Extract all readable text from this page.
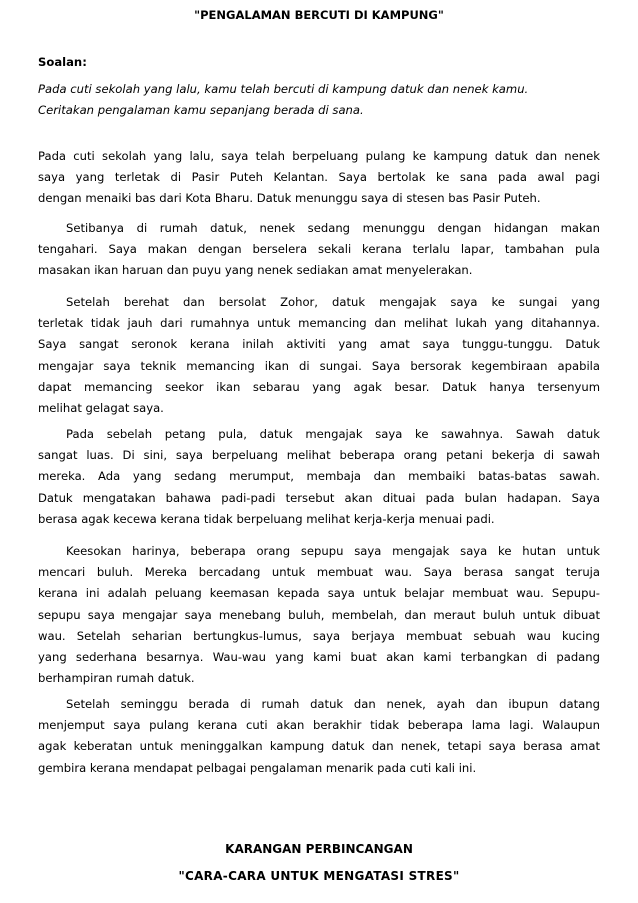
"PENGALAMAN BERCUTI DI KAMPUNG"
Soalan:
Pada cuti sekolah yang lalu, kamu telah bercuti di kampung datuk dan nenek kamu.
Ceritakan pengalaman kamu sepanjang berada di sana.
Pada cuti sekolah yang lalu, saya telah berpeluang pulang ke kampung datuk dan nenek
saya yang terletak di Pasir Puteh Kelantan. Saya bertolak ke sana pada awal pagi
dengan menaiki bas dari Kota Bharu. Datuk menunggu saya di stesen bas Pasir Puteh.
Setibanya di rumah datuk, nenek sedang menunggu dengan hidangan makan
tengahari. Saya makan dengan berselera sekali kerana terlalu lapar, tambahan pula
masakan ikan haruan dan puyu yang nenek sediakan amat menyelerakan.
Setelah berehat dan bersolat Zohor, datuk mengajak saya ke sungai yang
terletak tidak jauh dari rumahnya untuk memancing dan melihat lukah yang ditahannya.
Saya sangat seronok kerana inilah aktiviti yang amat saya tunggu-tunggu. Datuk
mengajar saya teknik memancing ikan di sungai. Saya bersorak kegembiraan apabila
dapat memancing seekor ikan sebarau yang agak besar. Datuk hanya tersenyum
melihat gelagat saya.
Pada sebelah petang pula, datuk mengajak saya ke sawahnya. Sawah datuk
sangat luas. Di sini, saya berpeluang melihat beberapa orang petani bekerja di sawah
mereka. Ada yang sedang merumput, membaja dan membaiki batas-batas sawah.
Datuk mengatakan bahawa padi-padi tersebut akan dituai pada bulan hadapan. Saya
berasa agak kecewa kerana tidak berpeluang melihat kerja-kerja menuai padi.
Keesokan harinya, beberapa orang sepupu saya mengajak saya ke hutan untuk
mencari buluh. Mereka bercadang untuk membuat wau. Saya berasa sangat teruja
kerana ini adalah peluang keemasan kepada saya untuk belajar membuat wau. Sepupu-
sepupu saya mengajar saya menebang buluh, membelah, dan meraut buluh untuk dibuat
wau. Setelah seharian bertungkus-lumus, saya berjaya membuat sebuah wau kucing
yang sederhana besarnya. Wau-wau yang kami buat akan kami terbangkan di padang
berhampiran rumah datuk.
Setelah seminggu berada di rumah datuk dan nenek, ayah dan ibupun datang
menjemput saya pulang kerana cuti akan berakhir tidak beberapa lama lagi. Walaupun
agak keberatan untuk meninggalkan kampung datuk dan nenek, tetapi saya berasa amat
gembira kerana mendapat pelbagai pengalaman menarik pada cuti kali ini.
KARANGAN PERBINCANGAN
"CARA-CARA UNTUK MENGATASI STRES"
